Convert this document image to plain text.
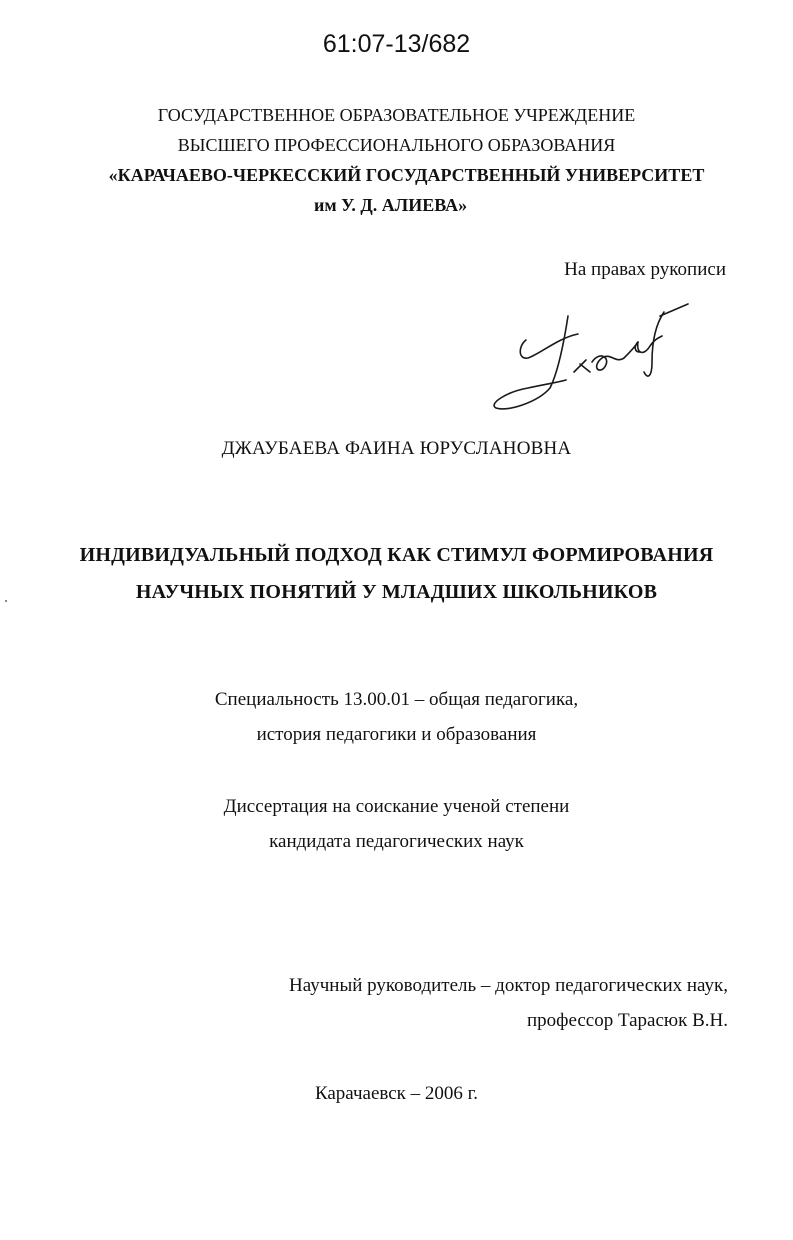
61:07-13/682
ГОСУДАРСТВЕННОЕ ОБРАЗОВАТЕЛЬНОЕ УЧРЕЖДЕНИЕ
ВЫСШЕГО ПРОФЕССИОНАЛЬНОГО ОБРАЗОВАНИЯ
«КАРАЧАЕВО-ЧЕРКЕССКИЙ ГОСУДАРСТВЕННЫЙ УНИВЕРСИТЕТ
им У. Д. АЛИЕВА»
На правах рукописи
ДЖАУБАЕВА ФАИНА ЮРУСЛАНОВНА
ИНДИВИДУАЛЬНЫЙ ПОДХОД КАК СТИМУЛ ФОРМИРОВАНИЯ
НАУЧНЫХ ПОНЯТИЙ У МЛАДШИХ ШКОЛЬНИКОВ
Специальность 13.00.01 – общая педагогика,
история педагогики и образования
Диссертация на соискание ученой степени
кандидата педагогических наук
Научный руководитель – доктор педагогических наук,
профессор Тарасюк В.Н.
Карачаевск – 2006 г.
